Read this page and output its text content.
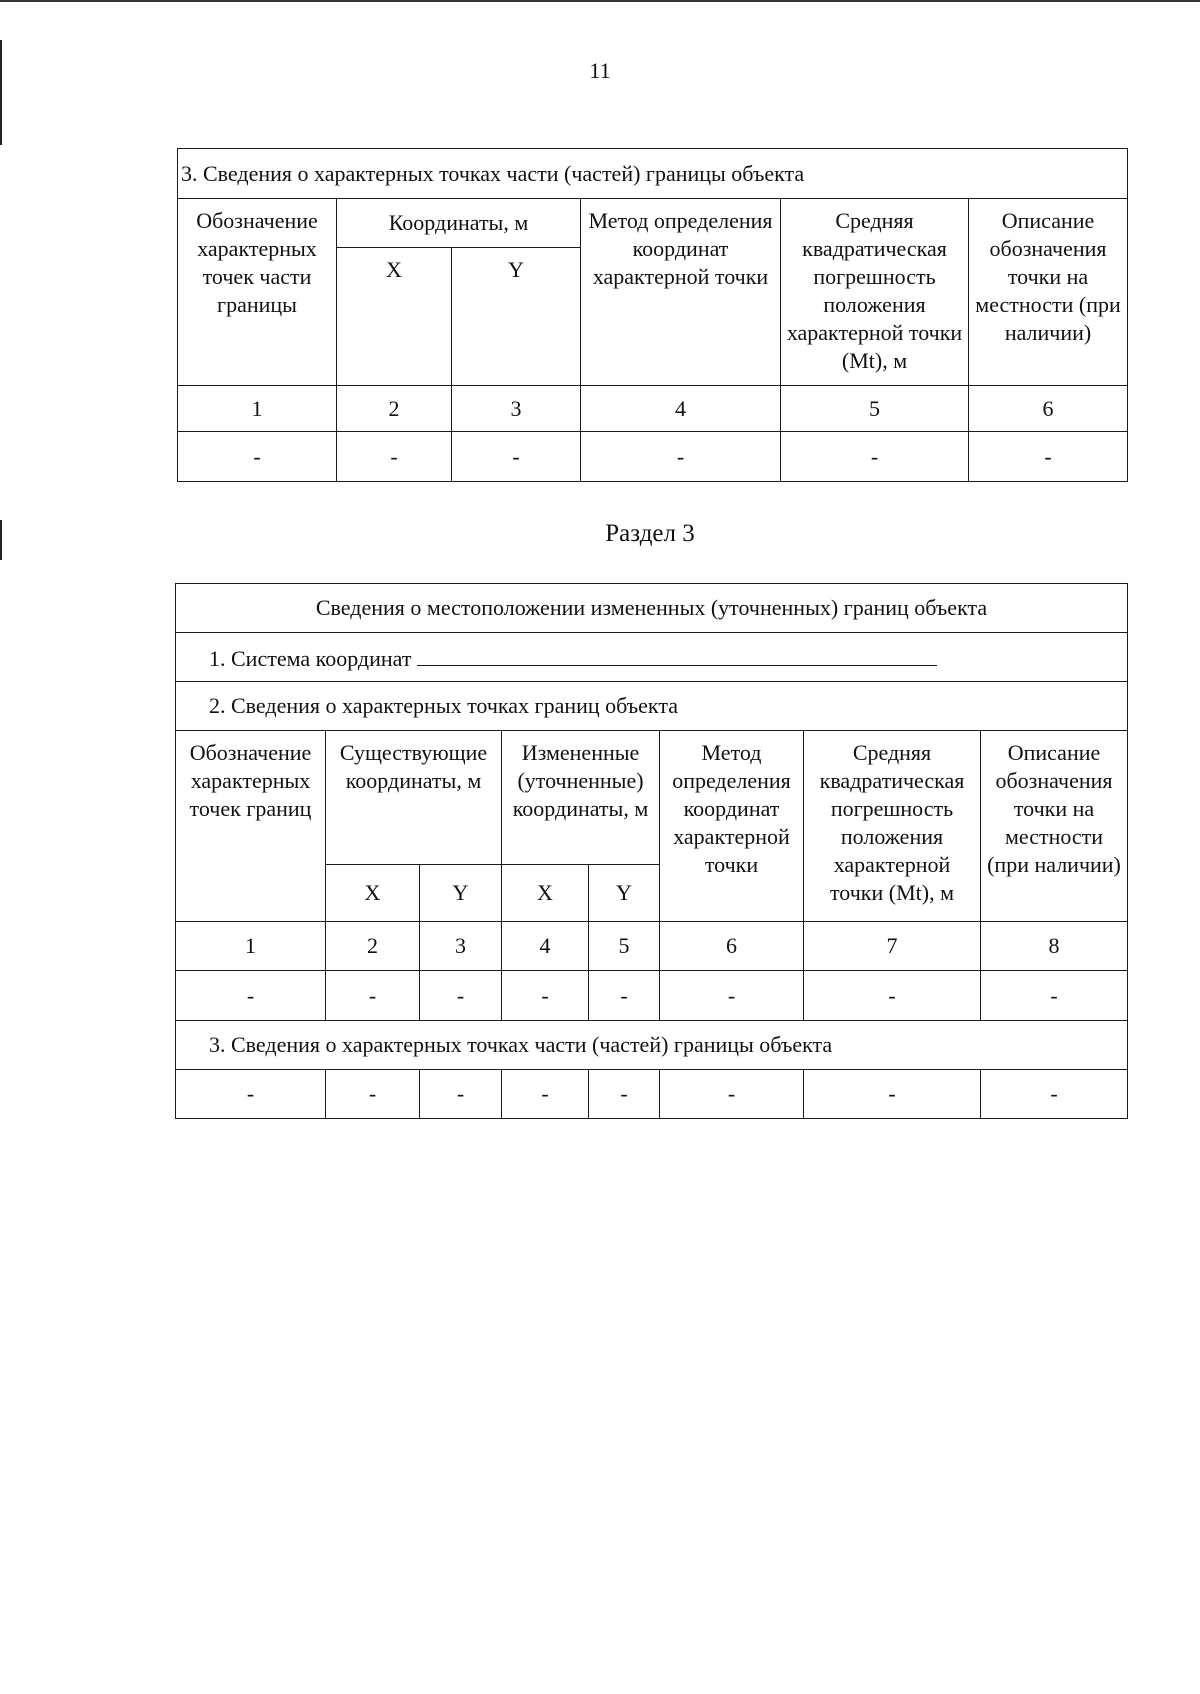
11
3. Сведения о характерных точках части (частей) границы объекта					
Обозначение характерных точек части границы	Координаты, м		Метод определения координат характерной точки	Средняя квадратическая погрешность положения характерной точки (Mt), м	Описание обозначения точки на местности (при наличии)
	X	Y			
1	2	3	4	5	6
-	-	-	-	-	-
Раздел 3
Сведения о местоположении измененных (уточненных) границ объекта							
1. Система координат							
2. Сведения о характерных точках границ объекта							
Обозначение характерных точек границ	Существующие координаты, м		Измененные (уточненные) координаты, м		Метод определения координат характерной точки	Средняя квадратическая погрешность положения характерной точки (Mt), м	Описание обозначения точки на местности (при наличии)
	X	Y	X	Y			
1	2	3	4	5	6	7	8
-	-	-	-	-	-	-	-
3. Сведения о характерных точках части (частей) границы объекта							
-	-	-	-	-	-	-	-
